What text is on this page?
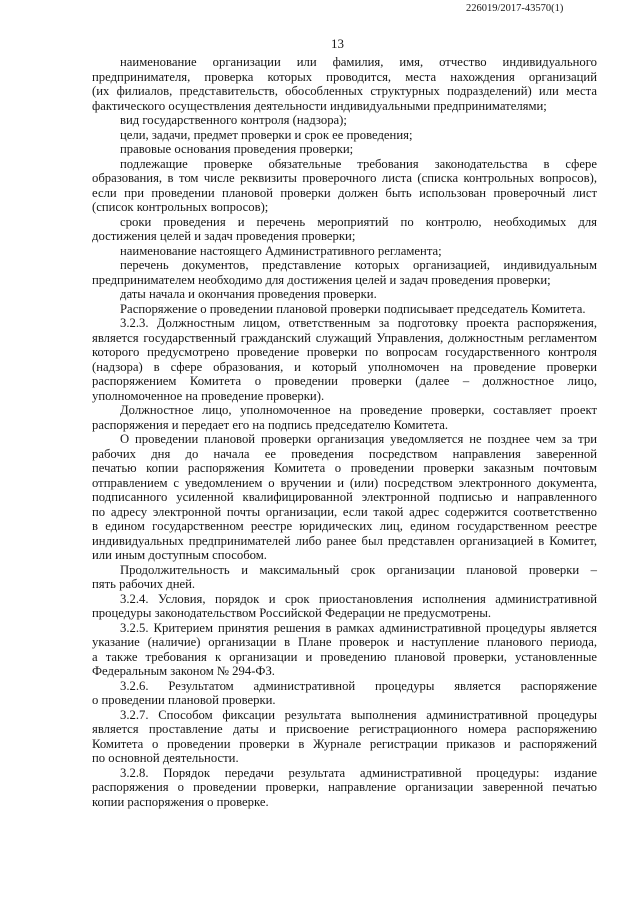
226019/2017-43570(1)
13
наименование организации или фамилия, имя, отчество индивидуального
предпринимателя, проверка которых проводится, места нахождения организаций
(их филиалов, представительств, обособленных структурных подразделений) или места
фактического осуществления деятельности индивидуальными предпринимателями;
вид государственного контроля (надзора);
цели, задачи, предмет проверки и срок ее проведения;
правовые основания проведения проверки;
подлежащие проверке обязательные требования законодательства в сфере
образования, в том числе реквизиты проверочного листа (списка контрольных вопросов),
если при проведении плановой проверки должен быть использован проверочный лист
(список контрольных вопросов);
сроки проведения и перечень мероприятий по контролю, необходимых для
достижения целей и задач проведения проверки;
наименование настоящего Административного регламента;
перечень документов, представление которых организацией, индивидуальным
предпринимателем необходимо для достижения целей и задач проведения проверки;
даты начала и окончания проведения проверки.
Распоряжение о проведении плановой проверки подписывает председатель Комитета.
3.2.3. Должностным лицом, ответственным за подготовку проекта распоряжения,
является государственный гражданский служащий Управления, должностным регламентом
которого предусмотрено проведение проверки по вопросам государственного контроля
(надзора) в сфере образования, и который уполномочен на проведение проверки
распоряжением Комитета о проведении проверки (далее – должностное лицо,
уполномоченное на проведение проверки).
Должностное лицо, уполномоченное на проведение проверки, составляет проект
распоряжения и передает его на подпись председателю Комитета.
О проведении плановой проверки организация уведомляется не позднее чем за три
рабочих дня до начала ее проведения посредством направления заверенной
печатью копии распоряжения Комитета о проведении проверки заказным почтовым
отправлением с уведомлением о вручении и (или) посредством электронного документа,
подписанного усиленной квалифицированной электронной подписью и направленного
по адресу электронной почты организации, если такой адрес содержится соответственно
в едином государственном реестре юридических лиц, едином государственном реестре
индивидуальных предпринимателей либо ранее был представлен организацией в Комитет,
или иным доступным способом.
Продолжительность и максимальный срок организации плановой проверки –
пять рабочих дней.
3.2.4. Условия, порядок и срок приостановления исполнения административной
процедуры законодательством Российской Федерации не предусмотрены.
3.2.5. Критерием принятия решения в рамках административной процедуры является
указание (наличие) организации в Плане проверок и наступление планового периода,
а также требования к организации и проведению плановой проверки, установленные
Федеральным законом № 294-ФЗ.
3.2.6. Результатом административной процедуры является распоряжение
о проведении плановой проверки.
3.2.7. Способом фиксации результата выполнения административной процедуры
является проставление даты и присвоение регистрационного номера распоряжению
Комитета о проведении проверки в Журнале регистрации приказов и распоряжений
по основной деятельности.
3.2.8. Порядок передачи результата административной процедуры: издание
распоряжения о проведении проверки, направление организации заверенной печатью
копии распоряжения о проверке.
